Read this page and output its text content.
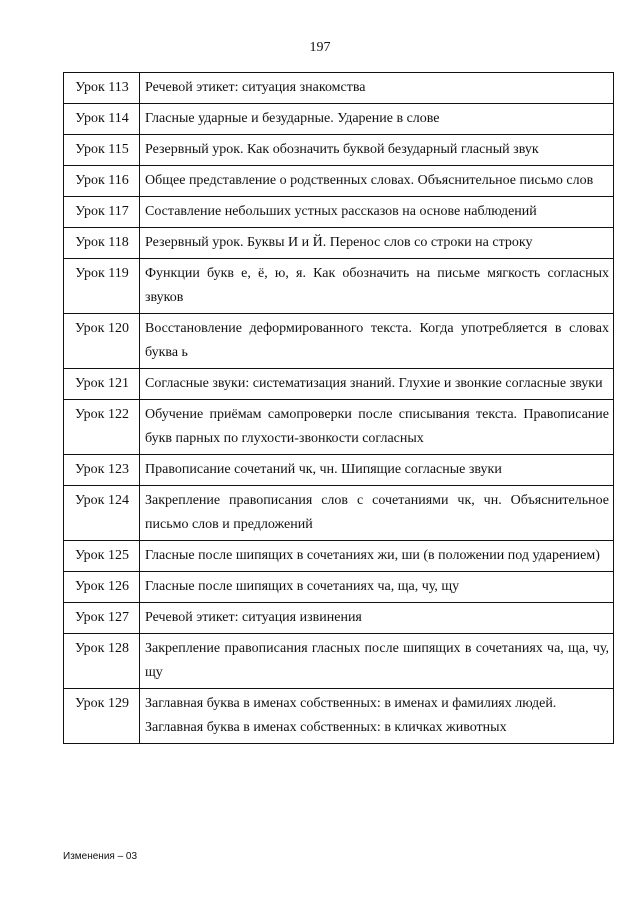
197
Урок 113	Речевой этикет: ситуация знакомства
Урок 114	Гласные ударные и безударные. Ударение в слове
Урок 115	Резервный урок. Как обозначить буквой безударный гласный звук
Урок 116	Общее представление о родственных словах. Объяснительное письмо слов
Урок 117	Составление небольших устных рассказов на основе наблюдений
Урок 118	Резервный урок. Буквы И и Й. Перенос слов со строки на строку
Урок 119	Функции букв е, ё, ю, я. Как обозначить на письме мягкость согласных звуков
Урок 120	Восстановление деформированного текста. Когда употребляется в словах буква ь
Урок 121	Согласные звуки: систематизация знаний. Глухие и звонкие согласные звуки
Урок 122	Обучение приёмам самопроверки после списывания текста. Правописание букв парных по глухости-звонкости согласных
Урок 123	Правописание сочетаний чк, чн. Шипящие согласные звуки
Урок 124	Закрепление правописания слов с сочетаниями чк, чн. Объяснительное письмо слов и предложений
Урок 125	Гласные после шипящих в сочетаниях жи, ши (в положении под ударением)
Урок 126	Гласные после шипящих в сочетаниях ча, ща, чу, щу
Урок 127	Речевой этикет: ситуация извинения
Урок 128	Закрепление правописания гласных после шипящих в сочетаниях ча, ща, чу, щу
Урок 129	Заглавная буква в именах собственных: в именах и фамилиях людей.
Заглавная буква в именах собственных: в кличках животных
Изменения – 03
